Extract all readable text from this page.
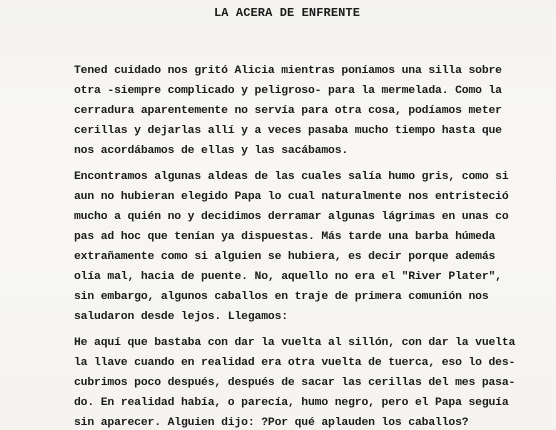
LA ACERA DE ENFRENTE
Tened cuidado nos gritó Alicia mientras poníamos una silla sobre
otra -siempre complicado y peligroso- para la mermelada. Como la
cerradura aparentemente no servía para otra cosa, podíamos meter
cerillas y dejarlas allí y a veces pasaba mucho tiempo hasta que
nos acordábamos de ellas y las sacábamos.
Encontramos algunas aldeas de las cuales salía humo gris, como si
aun no hubieran elegido Papa lo cual naturalmente nos entristeció
mucho a quién no y decidimos derramar algunas lágrimas en unas co
pas ad hoc que tenían ya dispuestas. Más tarde una barba húmeda
extrañamente como si alguien se hubiera, es decir porque además
olía mal, hacia de puente. No, aquello no era el "River Plater",
sin embargo, algunos caballos en traje de primera comunión nos
saludaron desde lejos. Llegamos:
He aquí que bastaba con dar la vuelta al sillón, con dar la vuelta
la llave cuando en realidad era otra vuelta de tuerca, eso lo des-
cubrimos poco después, después de sacar las cerillas del mes pasa-
do. En realidad había, o parecía, humo negro, pero el Papa seguía
sin aparecer. Alguien dijo: ?Por qué aplauden los caballos?
